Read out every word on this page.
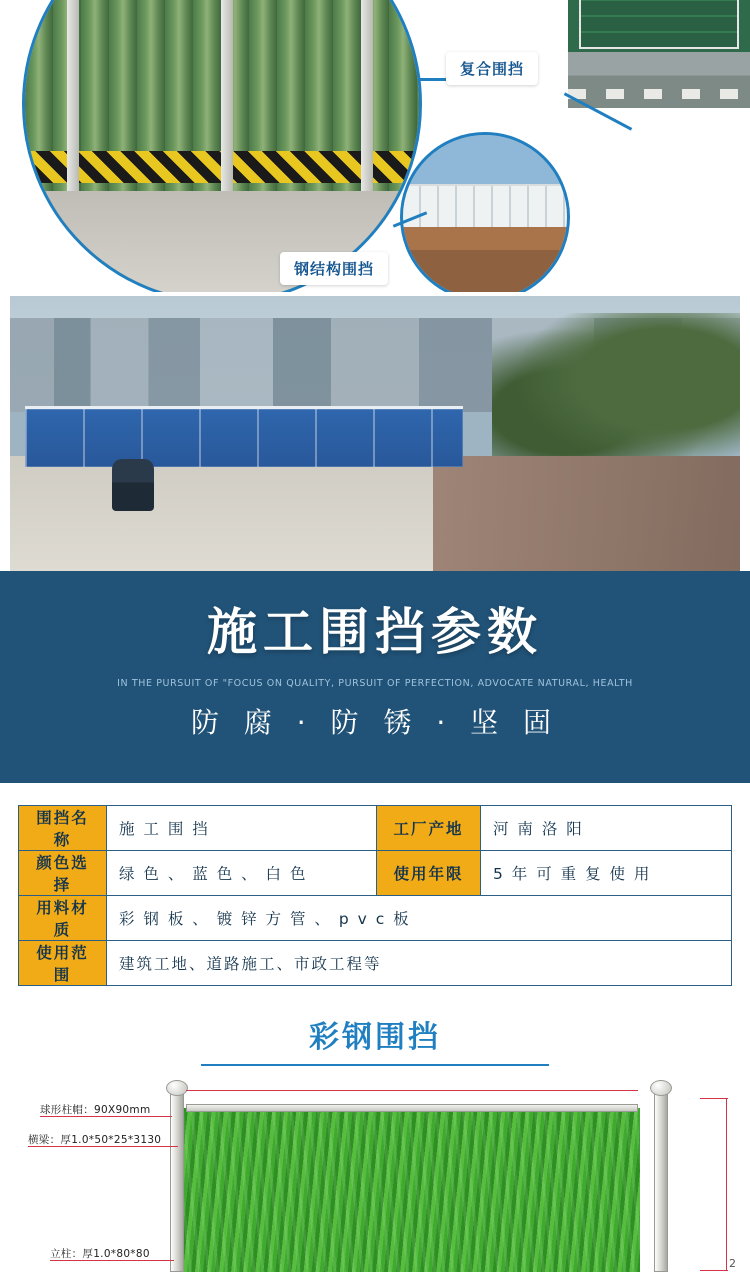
复合围挡
钢结构围挡
施工围挡参数
IN THE PURSUIT OF "FOCUS ON QUALITY, PURSUIT OF PERFECTION, ADVOCATE NATURAL, HEALTH
防 腐 · 防 锈 · 坚 固
围挡名称	施 工 围 挡	工厂产地	河 南 洛 阳
颜色选择	绿 色 、 蓝 色 、 白 色	使用年限	5 年 可 重 复 使 用
用料材质	彩 钢 板 、 镀 锌 方 管 、 p v c 板		
使用范围	建筑工地、道路施工、市政工程等		
彩钢围挡
球形柱帽：90X90mm
横梁：厚1.0*50*25*3130
立柱：厚1.0*80*80
2
